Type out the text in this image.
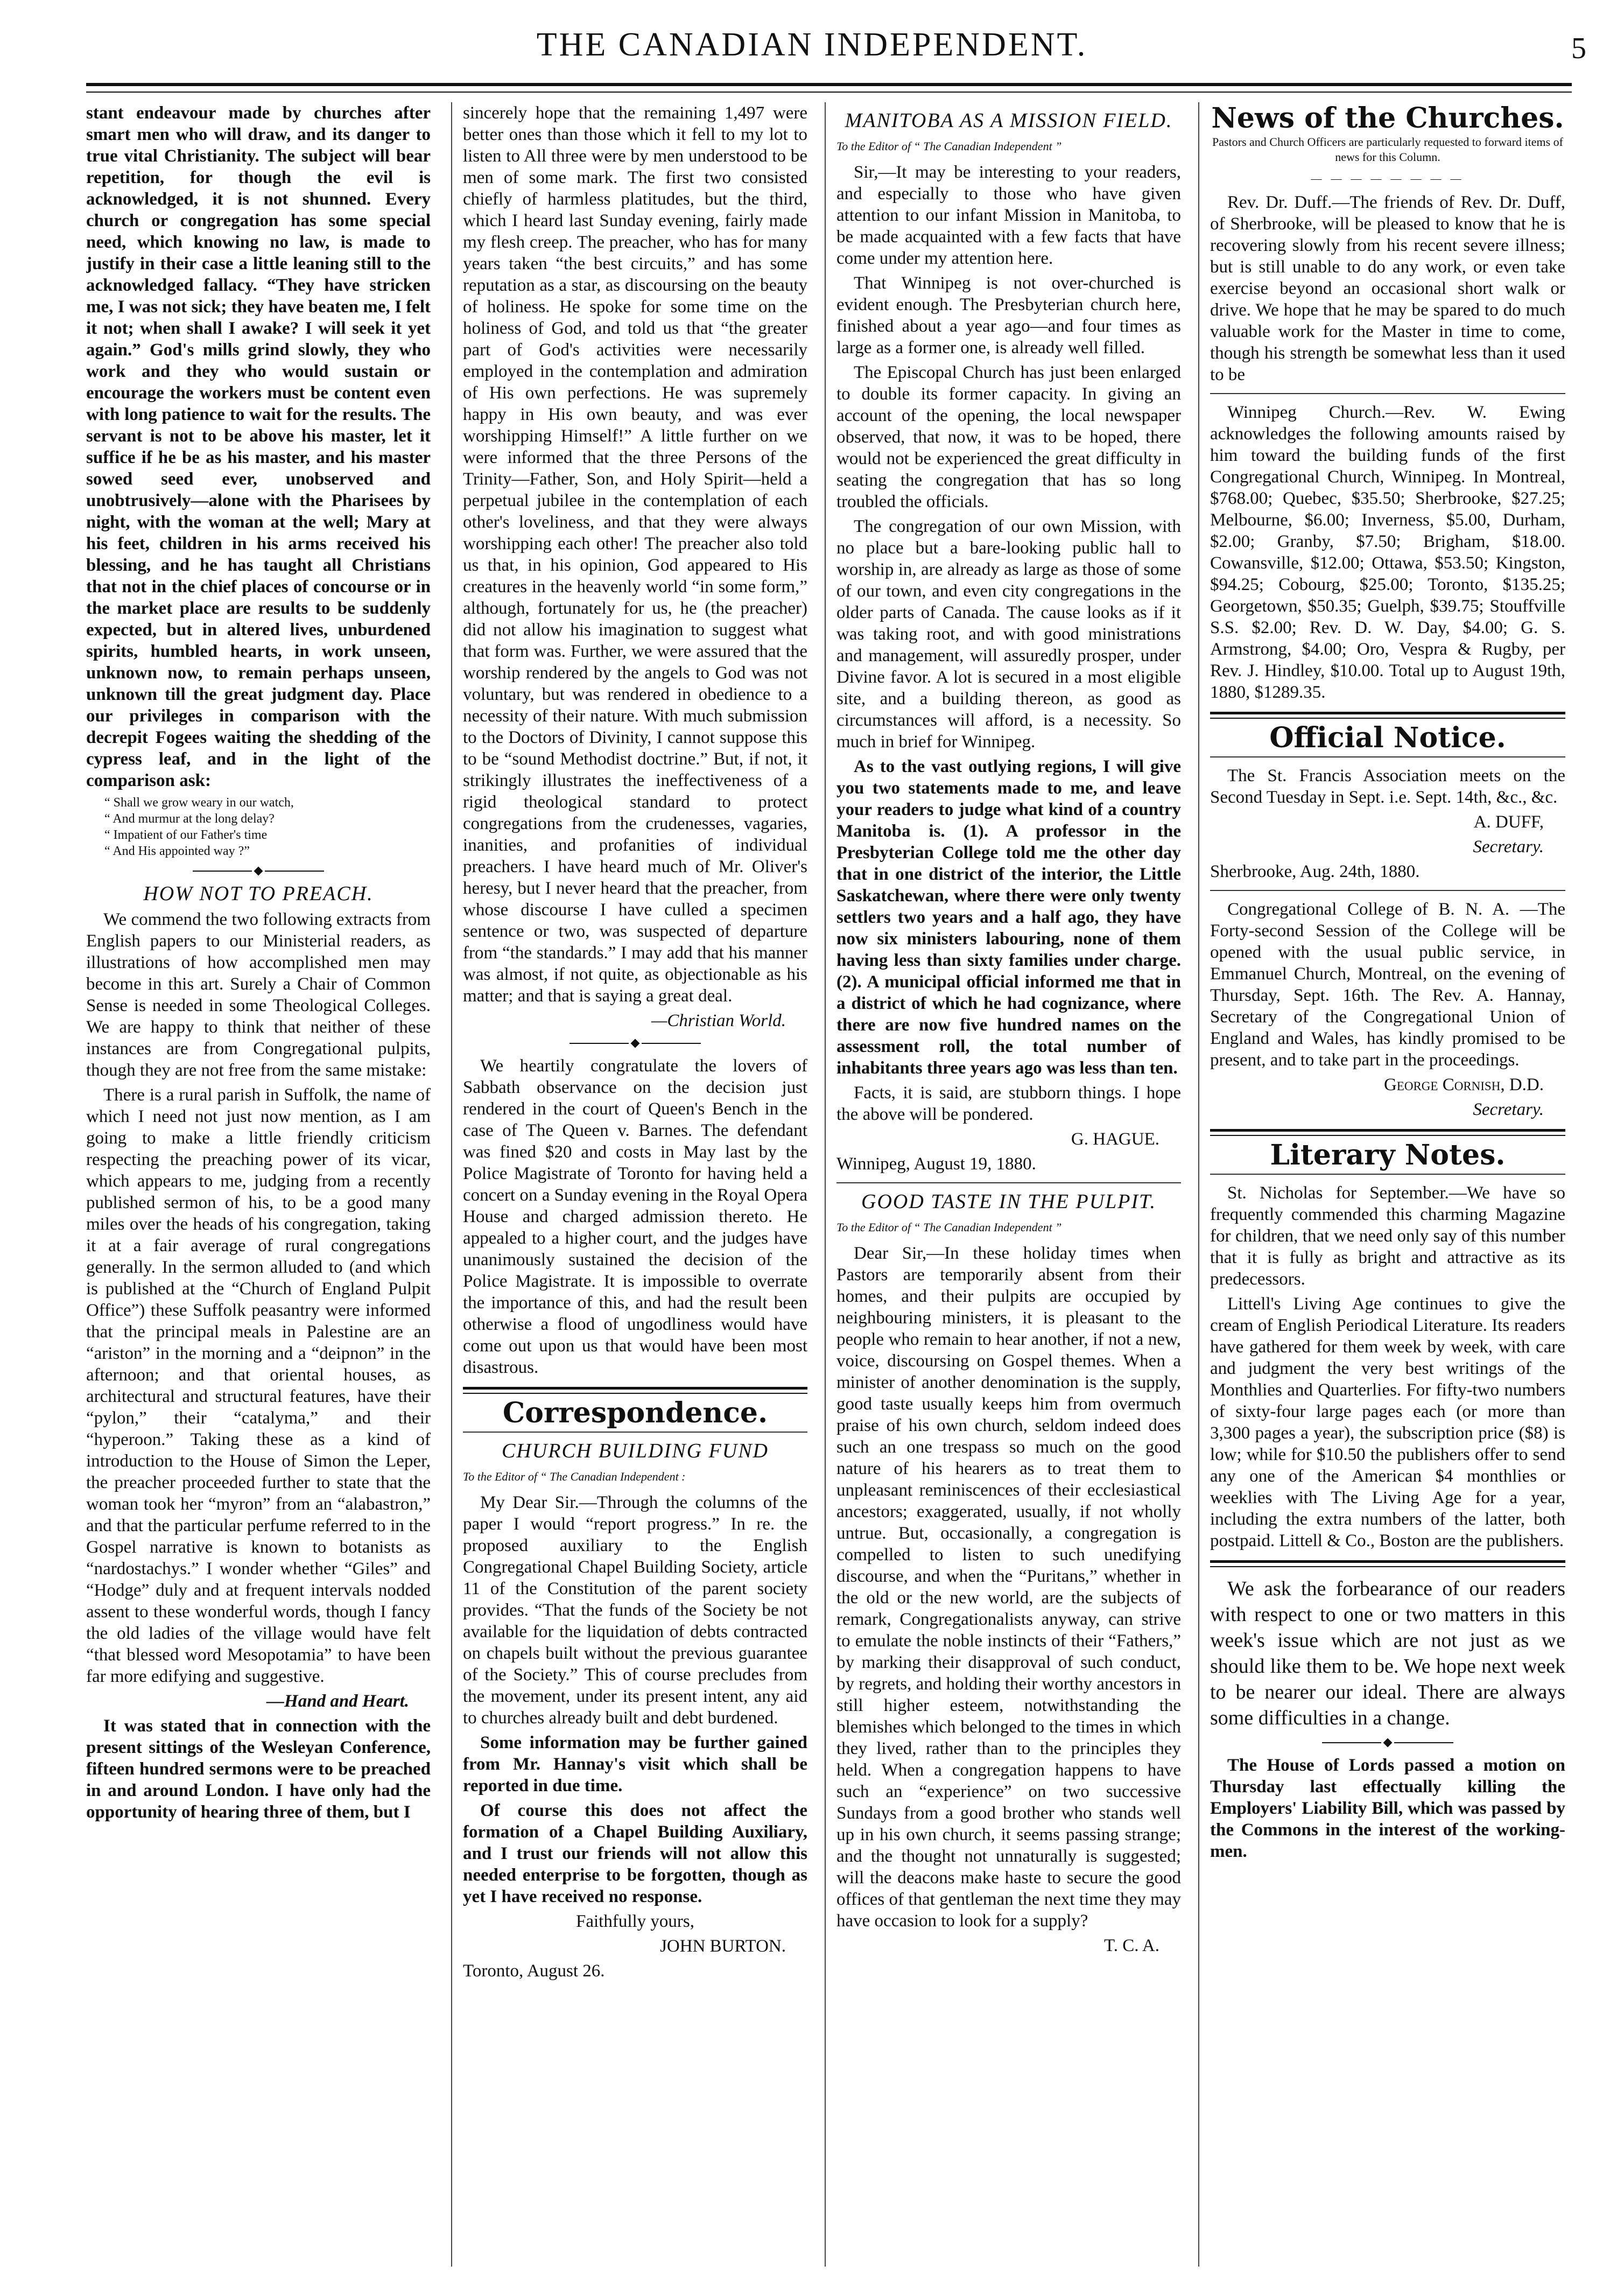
THE CANADIAN INDEPENDENT.	5

stant endeavour made by churches after smart men who will draw, and its danger to true vital Christianity. The subject will bear repetition, for though the evil is acknowledged, it is not shunned. Every church or congregation has some special need, which knowing no law, is made to justify in their case a little leaning still to the acknowledged fallacy. “They have stricken me, I was not sick; they have beaten me, I felt it not; when shall I awake? I will seek it yet again.” God's mills grind slowly, they who work and they who would sustain or encourage the workers must be content even with long patience to wait for the results. The servant is not to be above his master, let it suffice if he be as his master, and his master sowed seed ever, unobserved and unobtrusively—alone with the Pharisees by night, with the woman at the well; Mary at his feet, children in his arms received his blessing, and he has taught all Christians that not in the chief places of concourse or in the market place are results to be suddenly expected, but in altered lives, unburdened spirits, humbled hearts, in work unseen, unknown now, to remain perhaps unseen, unknown till the great judgment day. Place our privileges in comparison with the decrepit Fogees waiting the shedding of the cypress leaf, and in the light of the comparison ask:

“ Shall we grow weary in our watch,
“ And murmur at the long delay?
“ Impatient of our Father's time
“ And His appointed way ?”
HOW NOT TO PREACH.

We commend the two following extracts from English papers to our Ministerial readers, as illustrations of how accomplished men may become in this art. Surely a Chair of Common Sense is needed in some Theological Colleges. We are happy to think that neither of these instances are from Congregational pulpits, though they are not free from the same mistake:

There is a rural parish in Suffolk, the name of which I need not just now mention, as I am going to make a little friendly criticism respecting the preaching power of its vicar, which appears to me, judging from a recently published sermon of his, to be a good many miles over the heads of his congregation, taking it at a fair average of rural congregations generally. In the sermon alluded to (and which is published at the “Church of England Pulpit Office”) these Suffolk peasantry were informed that the principal meals in Palestine are an “ariston” in the morning and a “deipnon” in the afternoon; and that oriental houses, as architectural and structural features, have their “pylon,” their “catalyma,” and their “hyperoon.” Taking these as a kind of introduction to the House of Simon the Leper, the preacher proceeded further to state that the woman took her “myron” from an “alabastron,” and that the particular perfume referred to in the Gospel narrative is known to botanists as “nardostachys.” I wonder whether “Giles” and “Hodge” duly and at frequent intervals nodded assent to these wonderful words, though I fancy the old ladies of the village would have felt “that blessed word Mesopotamia” to have been far more edifying and suggestive.

—Hand and Heart.

It was stated that in connection with the present sittings of the Wesleyan Conference, fifteen hundred sermons were to be preached in and around London. I have only had the opportunity of hearing three of them, but I

sincerely hope that the remaining 1,497 were better ones than those which it fell to my lot to listen to All three were by men understood to be men of some mark. The first two consisted chiefly of harmless platitudes, but the third, which I heard last Sunday evening, fairly made my flesh creep. The preacher, who has for many years taken “the best circuits,” and has some reputation as a star, as discoursing on the beauty of holiness. He spoke for some time on the holiness of God, and told us that “the greater part of God's activities were necessarily employed in the contemplation and admiration of His own perfections. He was supremely happy in His own beauty, and was ever worshipping Himself!” A little further on we were informed that the three Persons of the Trinity—Father, Son, and Holy Spirit—held a perpetual jubilee in the contemplation of each other's loveliness, and that they were always worshipping each other! The preacher also told us that, in his opinion, God appeared to His creatures in the heavenly world “in some form,” although, fortunately for us, he (the preacher) did not allow his imagination to suggest what that form was. Further, we were assured that the worship rendered by the angels to God was not voluntary, but was rendered in obedience to a necessity of their nature. With much submission to the Doctors of Divinity, I cannot suppose this to be “sound Methodist doctrine.” But, if not, it strikingly illustrates the ineffectiveness of a rigid theological standard to protect congregations from the crudenesses, vagaries, inanities, and profanities of individual preachers. I have heard much of Mr. Oliver's heresy, but I never heard that the preacher, from whose discourse I have culled a specimen sentence or two, was suspected of departure from “the standards.” I may add that his manner was almost, if not quite, as objectionable as his matter; and that is saying a great deal.

—Christian World.

We heartily congratulate the lovers of Sabbath observance on the decision just rendered in the court of Queen's Bench in the case of The Queen v. Barnes. The defendant was fined $20 and costs in May last by the Police Magistrate of Toronto for having held a concert on a Sunday evening in the Royal Opera House and charged admission thereto. He appealed to a higher court, and the judges have unanimously sustained the decision of the Police Magistrate. It is impossible to overrate the importance of this, and had the result been otherwise a flood of ungodliness would have come out upon us that would have been most disastrous.

Correspondence.
CHURCH BUILDING FUND

To the Editor of “ The Canadian Independent :

My Dear Sir.—Through the columns of the paper I would “report progress.” In re. the proposed auxiliary to the English Congregational Chapel Building Society, article 11 of the Constitution of the parent society provides. “That the funds of the Society be not available for the liquidation of debts contracted on chapels built without the previous guarantee of the Society.” This of course precludes from the movement, under its present intent, any aid to churches already built and debt burdened.

Some information may be further gained from Mr. Hannay's visit which shall be reported in due time.

Of course this does not affect the formation of a Chapel Building Auxiliary, and I trust our friends will not allow this needed enterprise to be forgotten, though as yet I have received no response.

Faithfully yours,

JOHN BURTON.

Toronto, August 26.

MANITOBA AS A MISSION FIELD.

To the Editor of “ The Canadian Independent ”

Sir,—It may be interesting to your readers, and especially to those who have given attention to our infant Mission in Manitoba, to be made acquainted with a few facts that have come under my attention here.

That Winnipeg is not over-churched is evident enough. The Presbyterian church here, finished about a year ago—and four times as large as a former one, is already well filled.

The Episcopal Church has just been enlarged to double its former capacity. In giving an account of the opening, the local newspaper observed, that now, it was to be hoped, there would not be experienced the great difficulty in seating the congregation that has so long troubled the officials.

The congregation of our own Mission, with no place but a bare-looking public hall to worship in, are already as large as those of some of our town, and even city congregations in the older parts of Canada. The cause looks as if it was taking root, and with good ministrations and management, will assuredly prosper, under Divine favor. A lot is secured in a most eligible site, and a building thereon, as good as circumstances will afford, is a necessity. So much in brief for Winnipeg.

As to the vast outlying regions, I will give you two statements made to me, and leave your readers to judge what kind of a country Manitoba is. (1). A professor in the Presbyterian College told me the other day that in one district of the interior, the Little Saskatchewan, where there were only twenty settlers two years and a half ago, they have now six ministers labouring, none of them having less than sixty families under charge. (2). A municipal official informed me that in a district of which he had cognizance, where there are now five hundred names on the assessment roll, the total number of inhabitants three years ago was less than ten.

Facts, it is said, are stubborn things. I hope the above will be pondered.

G. HAGUE.

Winnipeg, August 19, 1880.

GOOD TASTE IN THE PULPIT.

To the Editor of “ The Canadian Independent ”

Dear Sir,—In these holiday times when Pastors are temporarily absent from their homes, and their pulpits are occupied by neighbouring ministers, it is pleasant to the people who remain to hear another, if not a new, voice, discoursing on Gospel themes. When a minister of another denomination is the supply, good taste usually keeps him from overmuch praise of his own church, seldom indeed does such an one trespass so much on the good nature of his hearers as to treat them to unpleasant reminiscences of their ecclesiastical ancestors; exaggerated, usually, if not wholly untrue. But, occasionally, a congregation is compelled to listen to such unedifying discourse, and when the “Puritans,” whether in the old or the new world, are the subjects of remark, Congregationalists anyway, can strive to emulate the noble instincts of their “Fathers,” by marking their disapproval of such conduct, by regrets, and holding their worthy ancestors in still higher esteem, notwithstanding the blemishes which belonged to the times in which they lived, rather than to the principles they held. When a congregation happens to have such an “experience” on two successive Sundays from a good brother who stands well up in his own church, it seems passing strange; and the thought not unnaturally is suggested; will the deacons make haste to secure the good offices of that gentleman the next time they may have occasion to look for a supply?

T. C. A.

News of the Churches.

Pastors and Church Officers are particularly requested to forward items of news for this Column.

— — — — — — — —

Rev. Dr. Duff.—The friends of Rev. Dr. Duff, of Sherbrooke, will be pleased to know that he is recovering slowly from his recent severe illness; but is still unable to do any work, or even take exercise beyond an occasional short walk or drive. We hope that he may be spared to do much valuable work for the Master in time to come, though his strength be somewhat less than it used to be

Winnipeg Church.—Rev. W. Ewing acknowledges the following amounts raised by him toward the building funds of the first Congregational Church, Winnipeg. In Montreal, $768.00; Quebec, $35.50; Sherbrooke, $27.25; Melbourne, $6.00; Inverness, $5.00, Durham, $2.00; Granby, $7.50; Brigham, $18.00. Cowansville, $12.00; Ottawa, $53.50; Kingston, $94.25; Cobourg, $25.00; Toronto, $135.25; Georgetown, $50.35; Guelph, $39.75; Stouffville S.S. $2.00; Rev. D. W. Day, $4.00; G. S. Armstrong, $4.00; Oro, Vespra & Rugby, per Rev. J. Hindley, $10.00. Total up to August 19th, 1880, $1289.35.

Official Notice.

The St. Francis Association meets on the Second Tuesday in Sept. i.e. Sept. 14th, &c., &c.

A. DUFF,

Secretary.

Sherbrooke, Aug. 24th, 1880.

Congregational College of B. N. A. —The Forty-second Session of the College will be opened with the usual public service, in Emmanuel Church, Montreal, on the evening of Thursday, Sept. 16th. The Rev. A. Hannay, Secretary of the Congregational Union of England and Wales, has kindly promised to be present, and to take part in the proceedings.

George Cornish, D.D.

Secretary.

Literary Notes.

St. Nicholas for September.—We have so frequently commended this charming Magazine for children, that we need only say of this number that it is fully as bright and attractive as its predecessors.

Littell's Living Age continues to give the cream of English Periodical Literature. Its readers have gathered for them week by week, with care and judgment the very best writings of the Monthlies and Quarterlies. For fifty-two numbers of sixty-four large pages each (or more than 3,300 pages a year), the subscription price ($8) is low; while for $10.50 the publishers offer to send any one of the American $4 monthlies or weeklies with The Living Age for a year, including the extra numbers of the latter, both postpaid. Littell & Co., Boston are the publishers.

We ask the forbearance of our readers with respect to one or two matters in this week's issue which are not just as we should like them to be. We hope next week to be nearer our ideal. There are always some difficulties in a change.

The House of Lords passed a motion on Thursday last effectually killing the Employers' Liability Bill, which was passed by the Commons in the interest of the working-men.
